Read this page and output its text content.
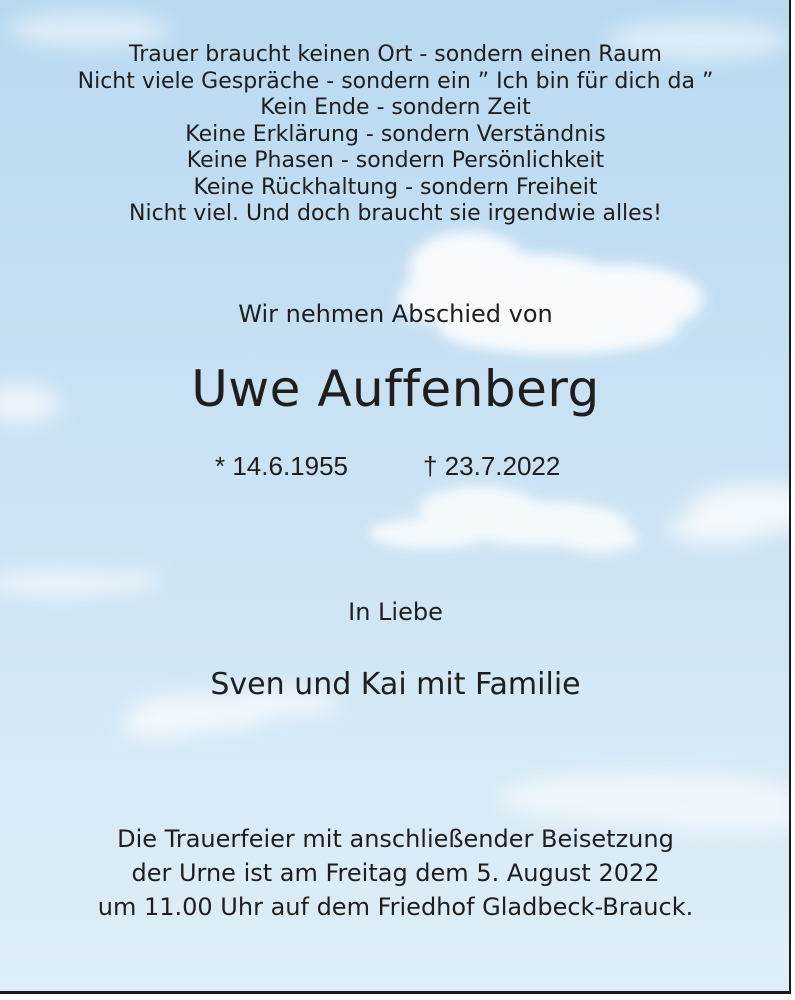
Trauer braucht keinen Ort - sondern einen Raum
Nicht viele Gespräche - sondern ein ” Ich bin für dich da ”
Kein Ende - sondern Zeit
Keine Erklärung - sondern Verständnis
Keine Phasen - sondern Persönlichkeit
Keine Rückhaltung - sondern Freiheit
Nicht viel. Und doch braucht sie irgendwie alles!
Wir nehmen Abschied von
Uwe Auffenberg
* 14.6.1955	† 23.7.2022
In Liebe
Sven und Kai mit Familie
Die Trauerfeier mit anschließender Beisetzung
der Urne ist am Freitag dem 5. August 2022
um 11.00 Uhr auf dem Friedhof Gladbeck-Brauck.
